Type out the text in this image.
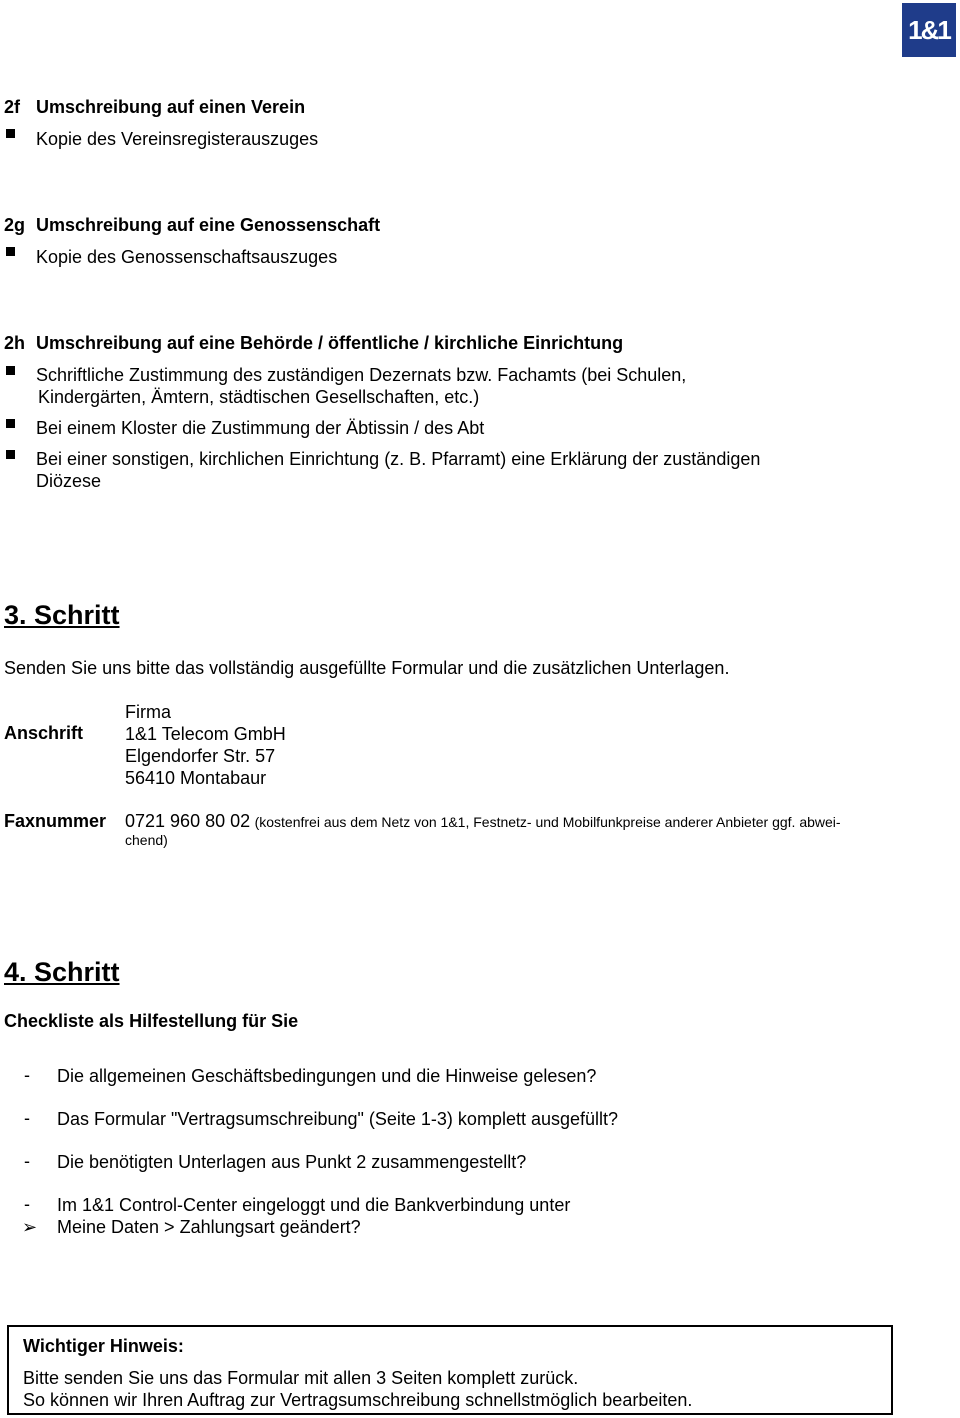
1&1
2f Umschreibung auf einen Verein
Kopie des Vereinsregisterauszuges
2g Umschreibung auf eine Genossenschaft
Kopie des Genossenschaftsauszuges
2h Umschreibung auf eine Behörde / öffentliche / kirchliche Einrichtung
Schriftliche Zustimmung des zuständigen Dezernats bzw. Fachamts (bei Schulen,
Kindergärten, Ämtern, städtischen Gesellschaften, etc.)
Bei einem Kloster die Zustimmung der Äbtissin / des Abt
Bei einer sonstigen, kirchlichen Einrichtung (z. B. Pfarramt) eine Erklärung der zuständigen
Diözese
3. Schritt
Senden Sie uns bitte das vollständig ausgefüllte Formular und die zusätzlichen Unterlagen.
Anschrift
Firma
1&1 Telecom GmbH
Elgendorfer Str. 57
56410 Montabaur
Faxnummer 0721 960 80 02 (kostenfrei aus dem Netz von 1&1, Festnetz- und Mobilfunkpreise anderer Anbieter ggf. abwei-
chend)
4. Schritt
Checkliste als Hilfestellung für Sie
- Die allgemeinen Geschäftsbedingungen und die Hinweise gelesen?
- Das Formular "Vertragsumschreibung" (Seite 1-3) komplett ausgefüllt?
- Die benötigten Unterlagen aus Punkt 2 zusammengestellt?
- Im 1&1 Control-Center eingeloggt und die Bankverbindung unter
➢ Meine Daten > Zahlungsart geändert?
Wichtiger Hinweis:
Bitte senden Sie uns das Formular mit allen 3 Seiten komplett zurück.
So können wir Ihren Auftrag zur Vertragsumschreibung schnellstmöglich bearbeiten.
